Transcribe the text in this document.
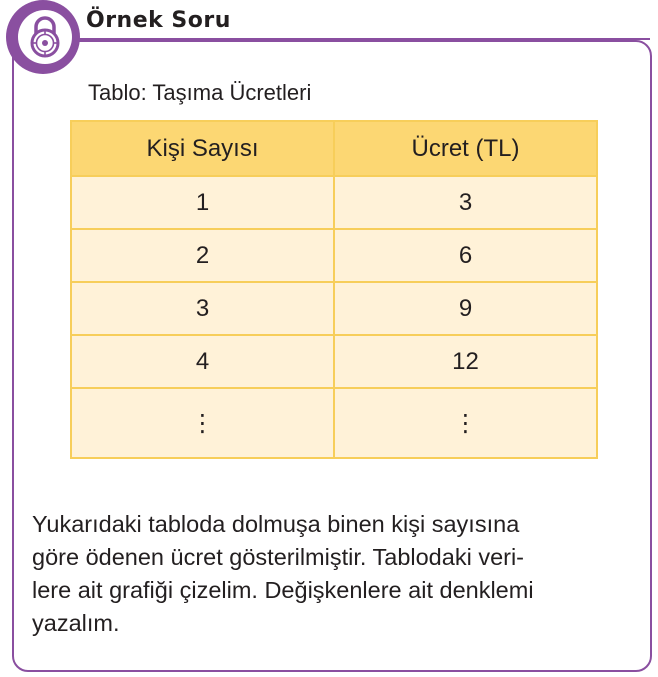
Örnek Soru
Tablo: Taşıma Ücretleri
Kişi Sayısı	Ücret (TL)
1	3
2	6
3	9
4	12
⋮	⋮
Yukarıdaki tabloda dolmuşa binen kişi sayısına
göre ödenen ücret gösterilmiştir. Tablodaki veri-
lere ait grafiği çizelim. Değişkenlere ait denklemi
yazalım.
